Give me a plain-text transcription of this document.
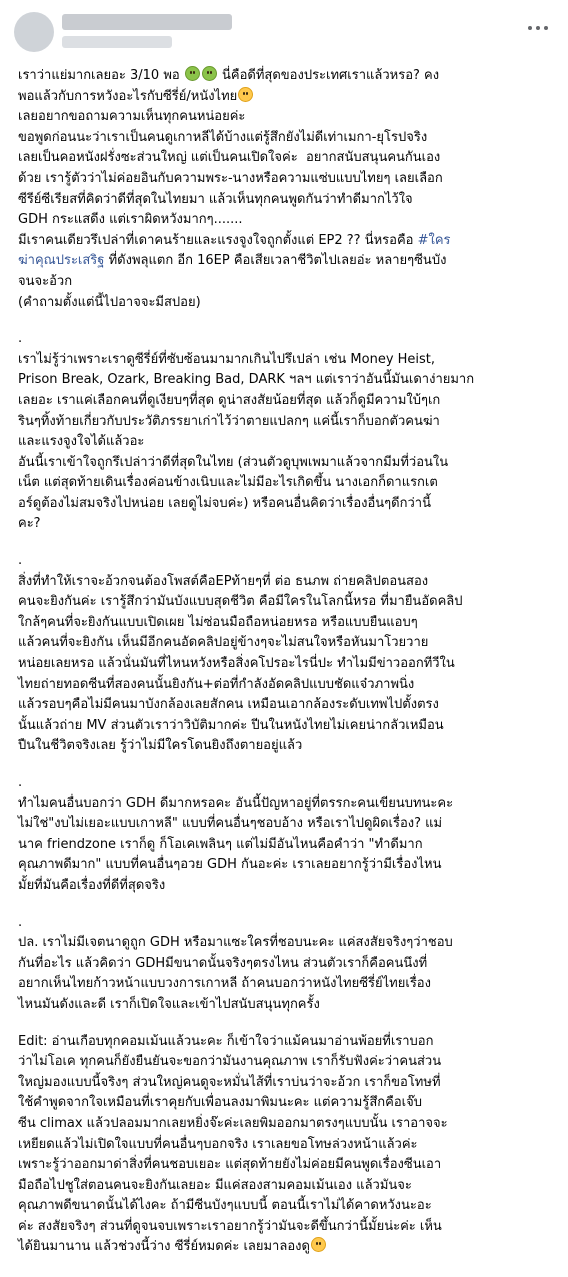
เราว่าแย่มากเลยอะ 3/10 พอ	นี่คือดีที่สุดของประเทศเราแล้วหรอ? คง
พอแล้วกับการหวังอะไรกับซีรี่ย์/หนังไทย
เลยอยากขอถามความเห็นทุกคนหน่อยค่ะ
ขอพูดก่อนนะว่าเราเป็นคนดูเกาหลีได้บ้างแต่รู้สึกยังไม่ดีเท่าเมกา-ยุโรปจริง
เลยเป็นคอหนังฝรั่งซะส่วนใหญ่ แต่เป็นคนเปิดใจค่ะ  อยากสนับสนุนคนกันเอง
ด้วย เรารู้ตัวว่าไม่ค่อยอินกับความพระ-นางหรือความแซ่บแบบไทยๆ เลยเลือก
ซีรีย์ซีเรียสที่คิดว่าดีที่สุดในไทยมา แล้วเห็นทุกคนพูดกันว่าทำดีมากไว้ใจ
GDH กระแสดีง แต่เราผิดหวังมากๆ.......
มีเราคนเดียวรึเปล่าที่เดาคนร้ายและแรงจูงใจถูกตั้งแต่ EP2 ?? นี่หรอคือ #ใคร
ฆ่าคุณประเสริฐ ที่ดังพลุแตก อีก 16EP คือเสียเวลาชีวิตไปเลยอ่ะ หลายๆซีนบัง
จนจะอ้วก
(คำถามตั้งแต่นี้ไปอาจจะมีสปอย)
.
เราไม่รู้ว่าเพราะเราดูซีรี่ย์ที่ซับซ้อนมามากเกินไปรึเปล่า เช่น Money Heist,
Prison Break, Ozark, Breaking Bad, DARK ฯลฯ แต่เราว่าอันนี้มันเดาง่ายมาก
เลยอะ เราแค่เลือกคนที่ดูเงียบๆที่สุด ดูน่าสงสัยน้อยที่สุด แล้วก็ดูมีความใบ้ๆเก
รินๆทิ้งท้ายเกี่ยวกับประวัติภรรยาเก่าไว้ว่าตายแปลกๆ แค่นี้เราก็บอกตัวคนฆ่า
และแรงจูงใจได้แล้วอะ
อันนี้เราเข้าใจถูกรึเปล่าว่าดีที่สุดในไทย (ส่วนตัวดูบุพเพมาแล้วจากมีมที่ว่อนใน
เน็ต แต่สุดท้ายเดินเรื่องค่อนข้างเนิบและไม่มีอะไรเกิดขึ้น นางเอกก็ดาแรกเต
อร์ดูต้องไม่สมจริงไปหน่อย เลยดูไม่จบค่ะ) หรือคนอื่นคิดว่าเรื่องอื่นๆดีกว่านี้
คะ?
.
สิ่งที่ทำให้เราจะอ้วกจนต้องโพสต์คือEPท้ายๆที่ ต่อ ธนภพ ถ่ายคลิปตอนสอง
คนจะยิงกันค่ะ เรารู้สึกว่ามันบังแบบสุดชีวิต คือมีใครในโลกนี้หรอ ที่มายืนอัดคลิป
ใกล้ๆคนที่จะยิงกันแบบเปิดเผย ไม่ซ่อนมือถือหน่อยหรอ หรือแบบยืนแอบๆ
แล้วคนที่จะยิงกัน เห็นมีอีกคนอัดคลิปอยู่ข้างๆจะไม่สนใจหรือหันมาโวยวาย
หน่อยเลยหรอ แล้วนั่นมันที่ไหนหวังหรือสิ่งคโปรอะไรนี่ปะ ทำไมมีข่าวออกทีวีใน
ไทยถ่ายทอดซีนที่สองคนนั้นยิงกัน+ต่อที่กำลังอัดคลิปแบบชัดแจ๋วภาพนิ่ง
แล้วรอบๆคือไม่มีคนมาบังกล้องเลยสักคน เหมือนเอากล้องระดับเทพไปตั้งตรง
นั้นแล้วถ่าย MV ส่วนตัวเราว่าวิบัติมากค่ะ ปีนในหนังไทยไม่เคยน่ากลัวเหมือน
ปืนในชีวิตจริงเลย รู้ว่าไม่มีใครโดนยิงถึงตายอยู่แล้ว
.
ทำไมคนอื่นบอกว่า GDH ดีมากหรอคะ อันนี้ปัญหาอยู่ที่ตรรกะคนเขียนบทนะคะ
ไม่ใช่"งบไม่เยอะแบบเกาหลี" แบบที่คนอื่นๆชอบอ้าง หรือเราไปดูผิดเรื่อง? แม่
นาค friendzone เราก็ดู ก็โอเคเพลินๆ แต่ไม่มีอันไหนคือคำว่า "ทำดีมาก
คุณภาพดีมาก" แบบที่คนอื่นๆอวย GDH กันอะค่ะ เราเลยอยากรู้ว่ามีเรื่องไหน
มั้ยที่มันคือเรื่องที่ดีที่สุดจริง
.
ปล. เราไม่มีเจตนาดูถูก GDH หรือมาแซะใครที่ชอบนะคะ แค่สงสัยจริงๆว่าชอบ
กันที่อะไร แล้วคิดว่า GDHมีขนาดนั้นจริงๆตรงไหน ส่วนตัวเราก็คือคนนึงที่
อยากเห็นไทยก้าวหน้าแบบวงการเกาหลี ถ้าคนบอกว่าหนังไทยซีรี่ย์ไทยเรื่อง
ไหนมันดังและดี เราก็เปิดใจและเข้าไปสนับสนุนทุกครั้ง
Edit: อ่านเกือบทุกคอมเม้นแล้วนะคะ ก็เข้าใจว่าแม้คนมาอ่านพ้อยที่เราบอก
ว่าไม่โอเค ทุกคนก็ยังยืนยันจะขอกว่ามันงานคุณภาพ เราก็รับฟังค่ะว่าคนส่วน
ใหญ่มองแบบนี้จริงๆ ส่วนใหญ่คนดูจะหมั่นไส้ที่เราบ่นว่าจะอ้วก เราก็ขอโทษที่
ใช้คำพูดจากใจเหมือนที่เราคุยกับเพื่อนลงมาพิมนะคะ แต่ความรู้สึกคือเจ๊บ
ซีน climax แล้วปลอมมากเลยหยิ่งจ๊ะค่ะเลยพิมออกมาตรงๆแบบนั้น เราอาจจะ
เหยียดแล้วไม่เปิดใจแบบที่คนอื่นๆบอกจริง เราเลยขอโทษล่วงหน้าแล้วค่ะ
เพราะรู้ว่าออกมาด่าสิ่งที่คนชอบเยอะ แต่สุดท้ายยังไม่ค่อยมีคนพูดเรื่องซีนเอา
มือถือไปชูใส่ตอนคนจะยิงกันเลยอะ มีแค่สองสามคอมเม้นเอง แล้วมันจะ
คุณภาพดีขนาดนั้นได้ไงคะ ถ้ามีซีนบังๆแบบนี้ ตอนนี้เราไม่ได้คาดหวังนะอะ
ค่ะ สงสัยจริงๆ ส่วนที่ดูจนจบเพราะเราอยากรู้ว่ามันจะดีขึ้นกว่านี้มั้ยน่ะค่ะ เห็น
ได้ยินมานาน แล้วช่วงนี้ว่าง ซีรี่ย์หมดค่ะ เลยมาลองดู
